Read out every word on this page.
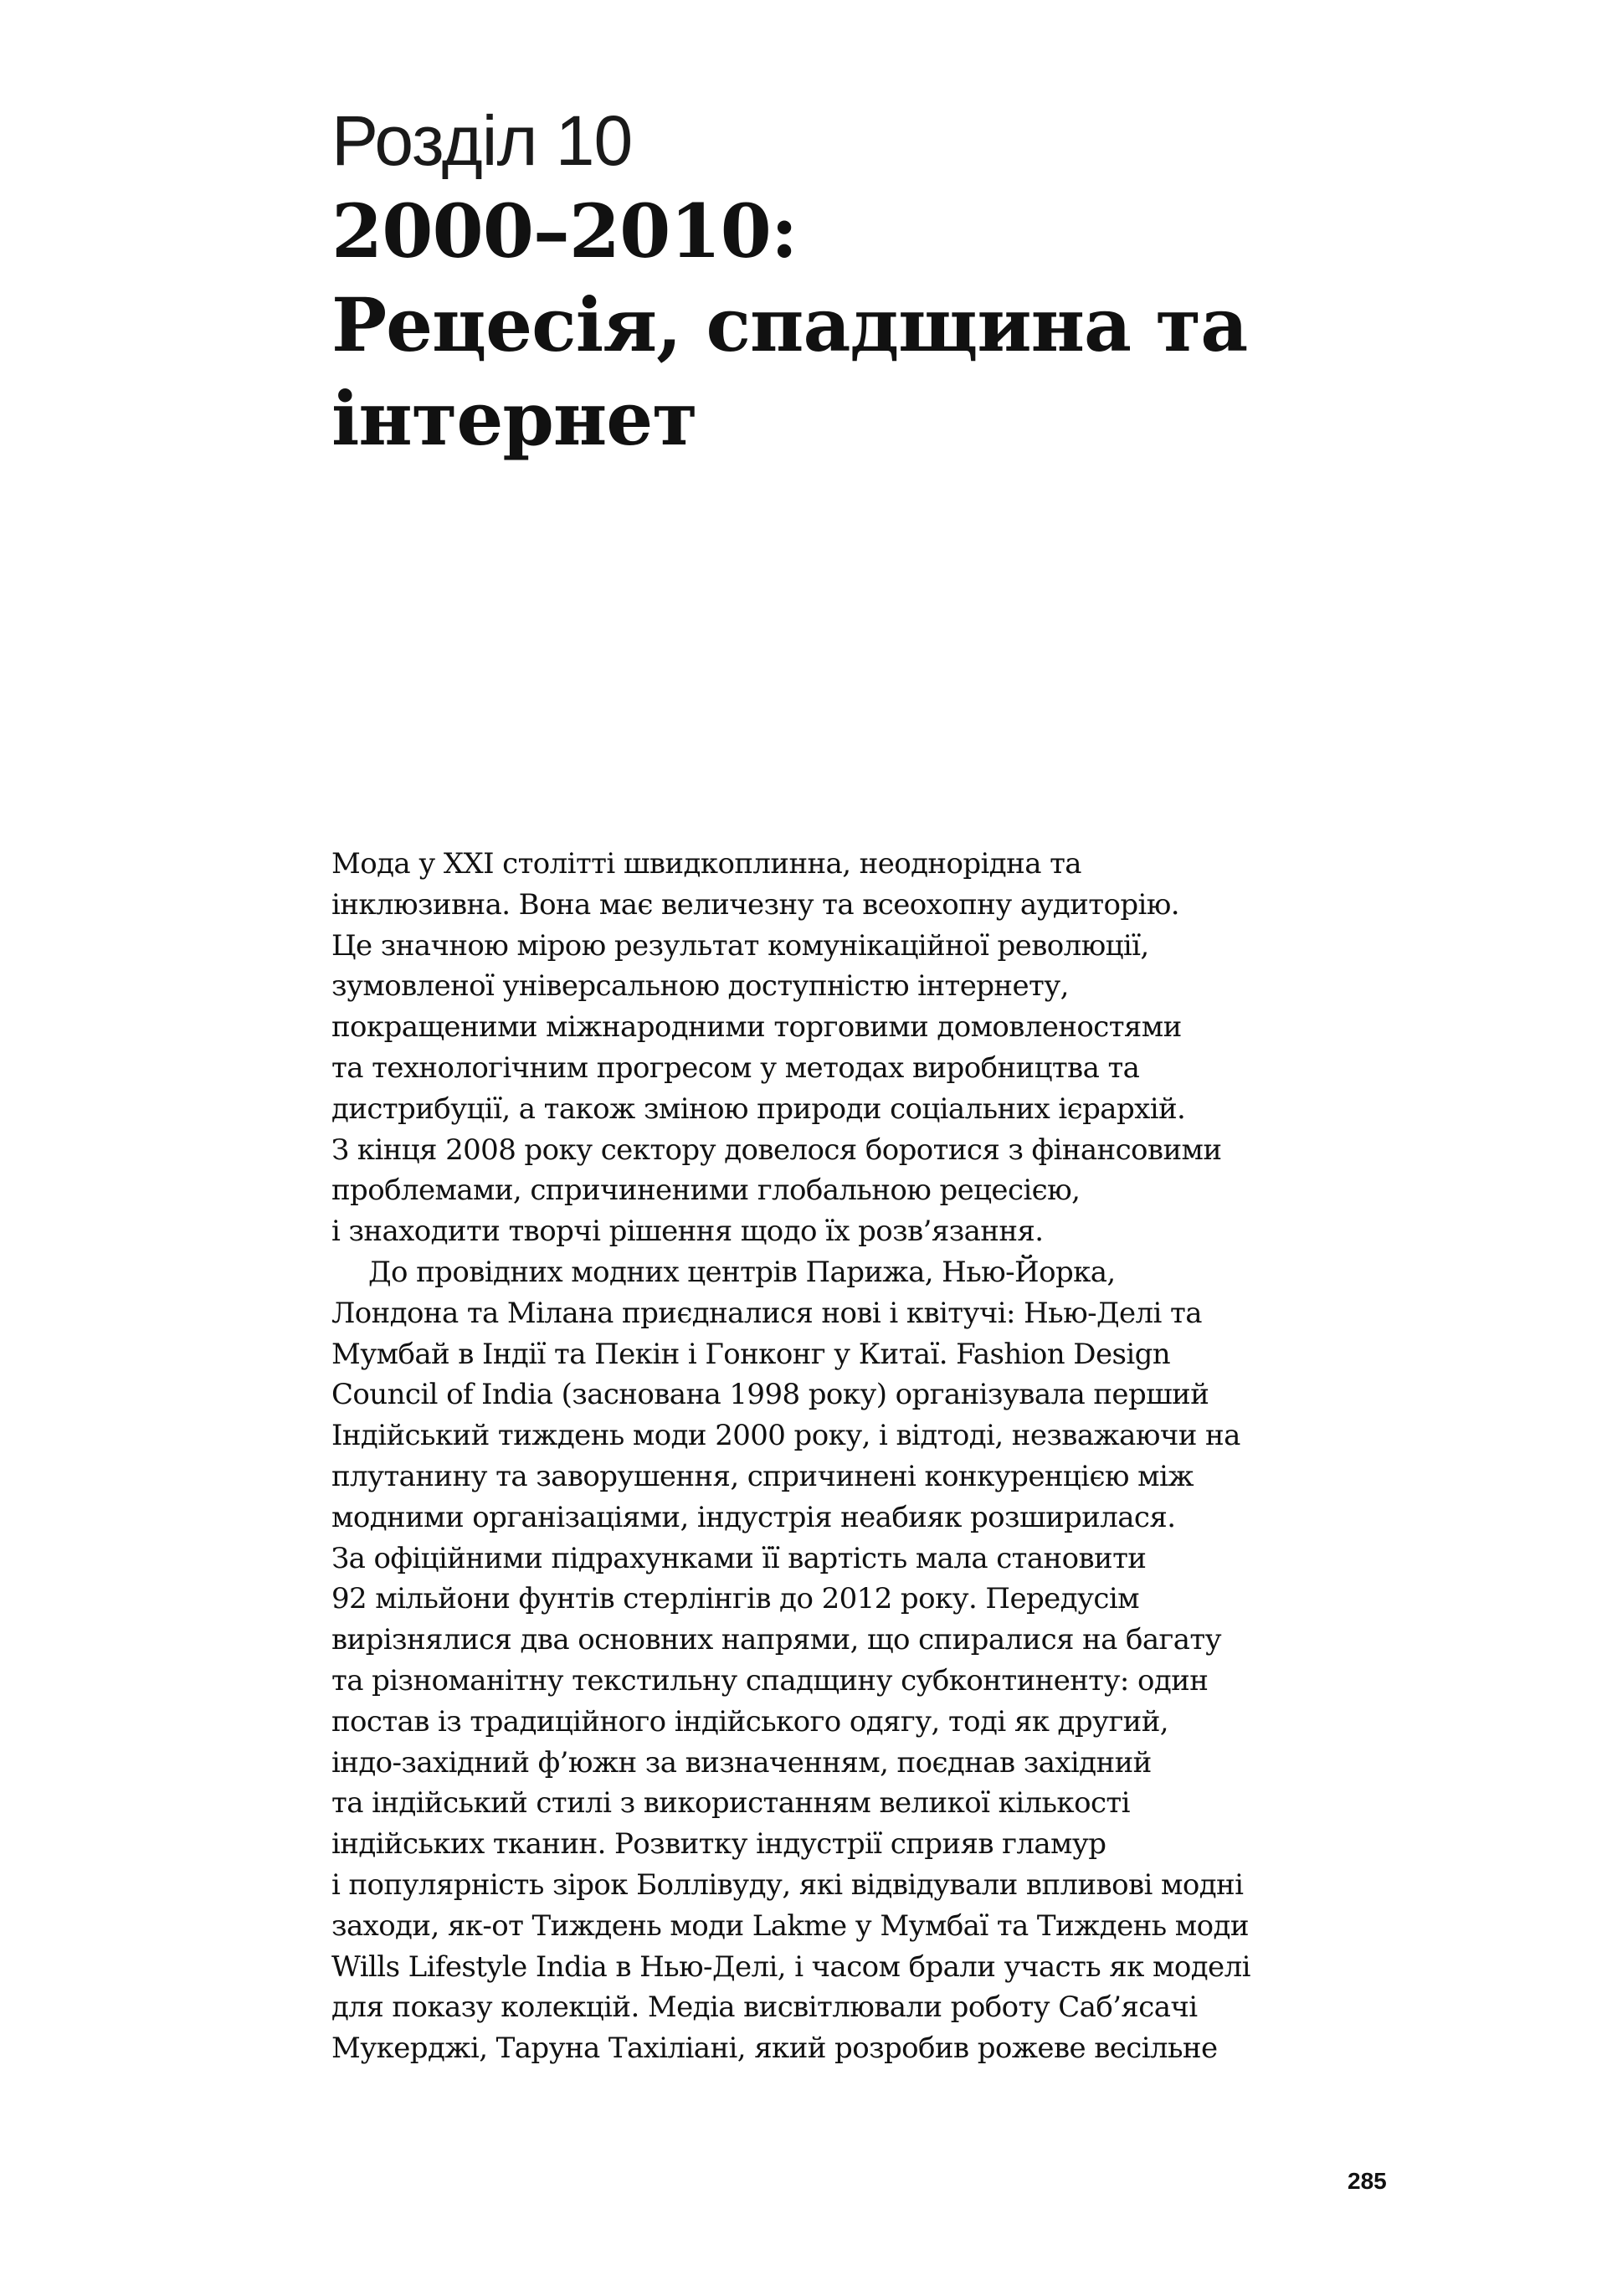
Розділ 10
2000–2010:
Рецесія, спадщина та
інтернет
Мода у XXI столітті швидкоплинна, неоднорідна та
інклюзивна. Вона має величезну та всеохопну аудиторію.
Це значною мірою результат комунікаційної революції,
зумовленої універсальною доступністю інтернету,
покращеними міжнародними торговими домовленостями
та технологічним прогресом у методах виробництва та
дистрибуції, а також зміною природи соціальних ієрархій.
З кінця 2008 року сектору довелося боротися з фінансовими
проблемами, спричиненими глобальною рецесією,
і знаходити творчі рішення щодо їх розв’язання.
До провідних модних центрів Парижа, Нью-Йорка,
Лондона та Мілана приєдналися нові і квітучі: Нью-Делі та
Мумбай в Індії та Пекін і Гонконг у Китаї. Fashion Design
Council of India (заснована 1998 року) організувала перший
Індійський тиждень моди 2000 року, і відтоді, незважаючи на
плутанину та заворушення, спричинені конкуренцією між
модними організаціями, індустрія неабияк розширилася.
За офіційними підрахунками її вартість мала становити
92 мільйони фунтів стерлінгів до 2012 року. Передусім
вирізнялися два основних напрями, що спиралися на багату
та різноманітну текстильну спадщину субконтиненту: один
постав із традиційного індійського одягу, тоді як другий,
індо-західний ф’южн за визначенням, поєднав західний
та індійський стилі з використанням великої кількості
індійських тканин. Розвитку індустрії сприяв гламур
і популярність зірок Боллівуду, які відвідували впливові модні
заходи, як-от Тиждень моди Lakme у Мумбаї та Тиждень моди
Wills Lifestyle India в Нью-Делі, і часом брали участь як моделі
для показу колекцій. Медіа висвітлювали роботу Саб’ясачі
Мукерджі, Таруна Тахіліані, який розробив рожеве весільне
285
